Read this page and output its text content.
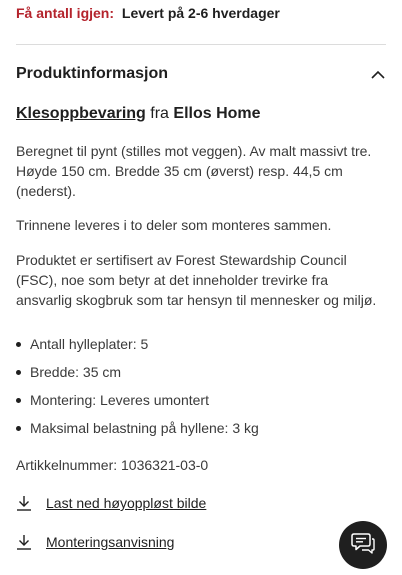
Få antall igjen: Levert på 2-6 hverdager
Produktinformasjon
Klesoppbevaring fra Ellos Home

Beregnet til pynt (stilles mot veggen). Av malt massivt tre. Høyde 150 cm. Bredde 35 cm (øverst) resp. 44,5 cm (nederst).

Trinnene leveres i to deler som monteres sammen.

Produktet er sertifisert av Forest Stewardship Council (FSC), noe som betyr at det inneholder trevirke fra ansvarlig skogbruk som tar hensyn til mennesker og miljø.

Antall hylleplater: 5
Bredde: 35 cm
Montering: Leveres umontert
Maksimal belastning på hyllene: 3 kg
Artikkelnummer: 1036321-03-0
Last ned høyoppløst bilde
Monteringsanvisning
